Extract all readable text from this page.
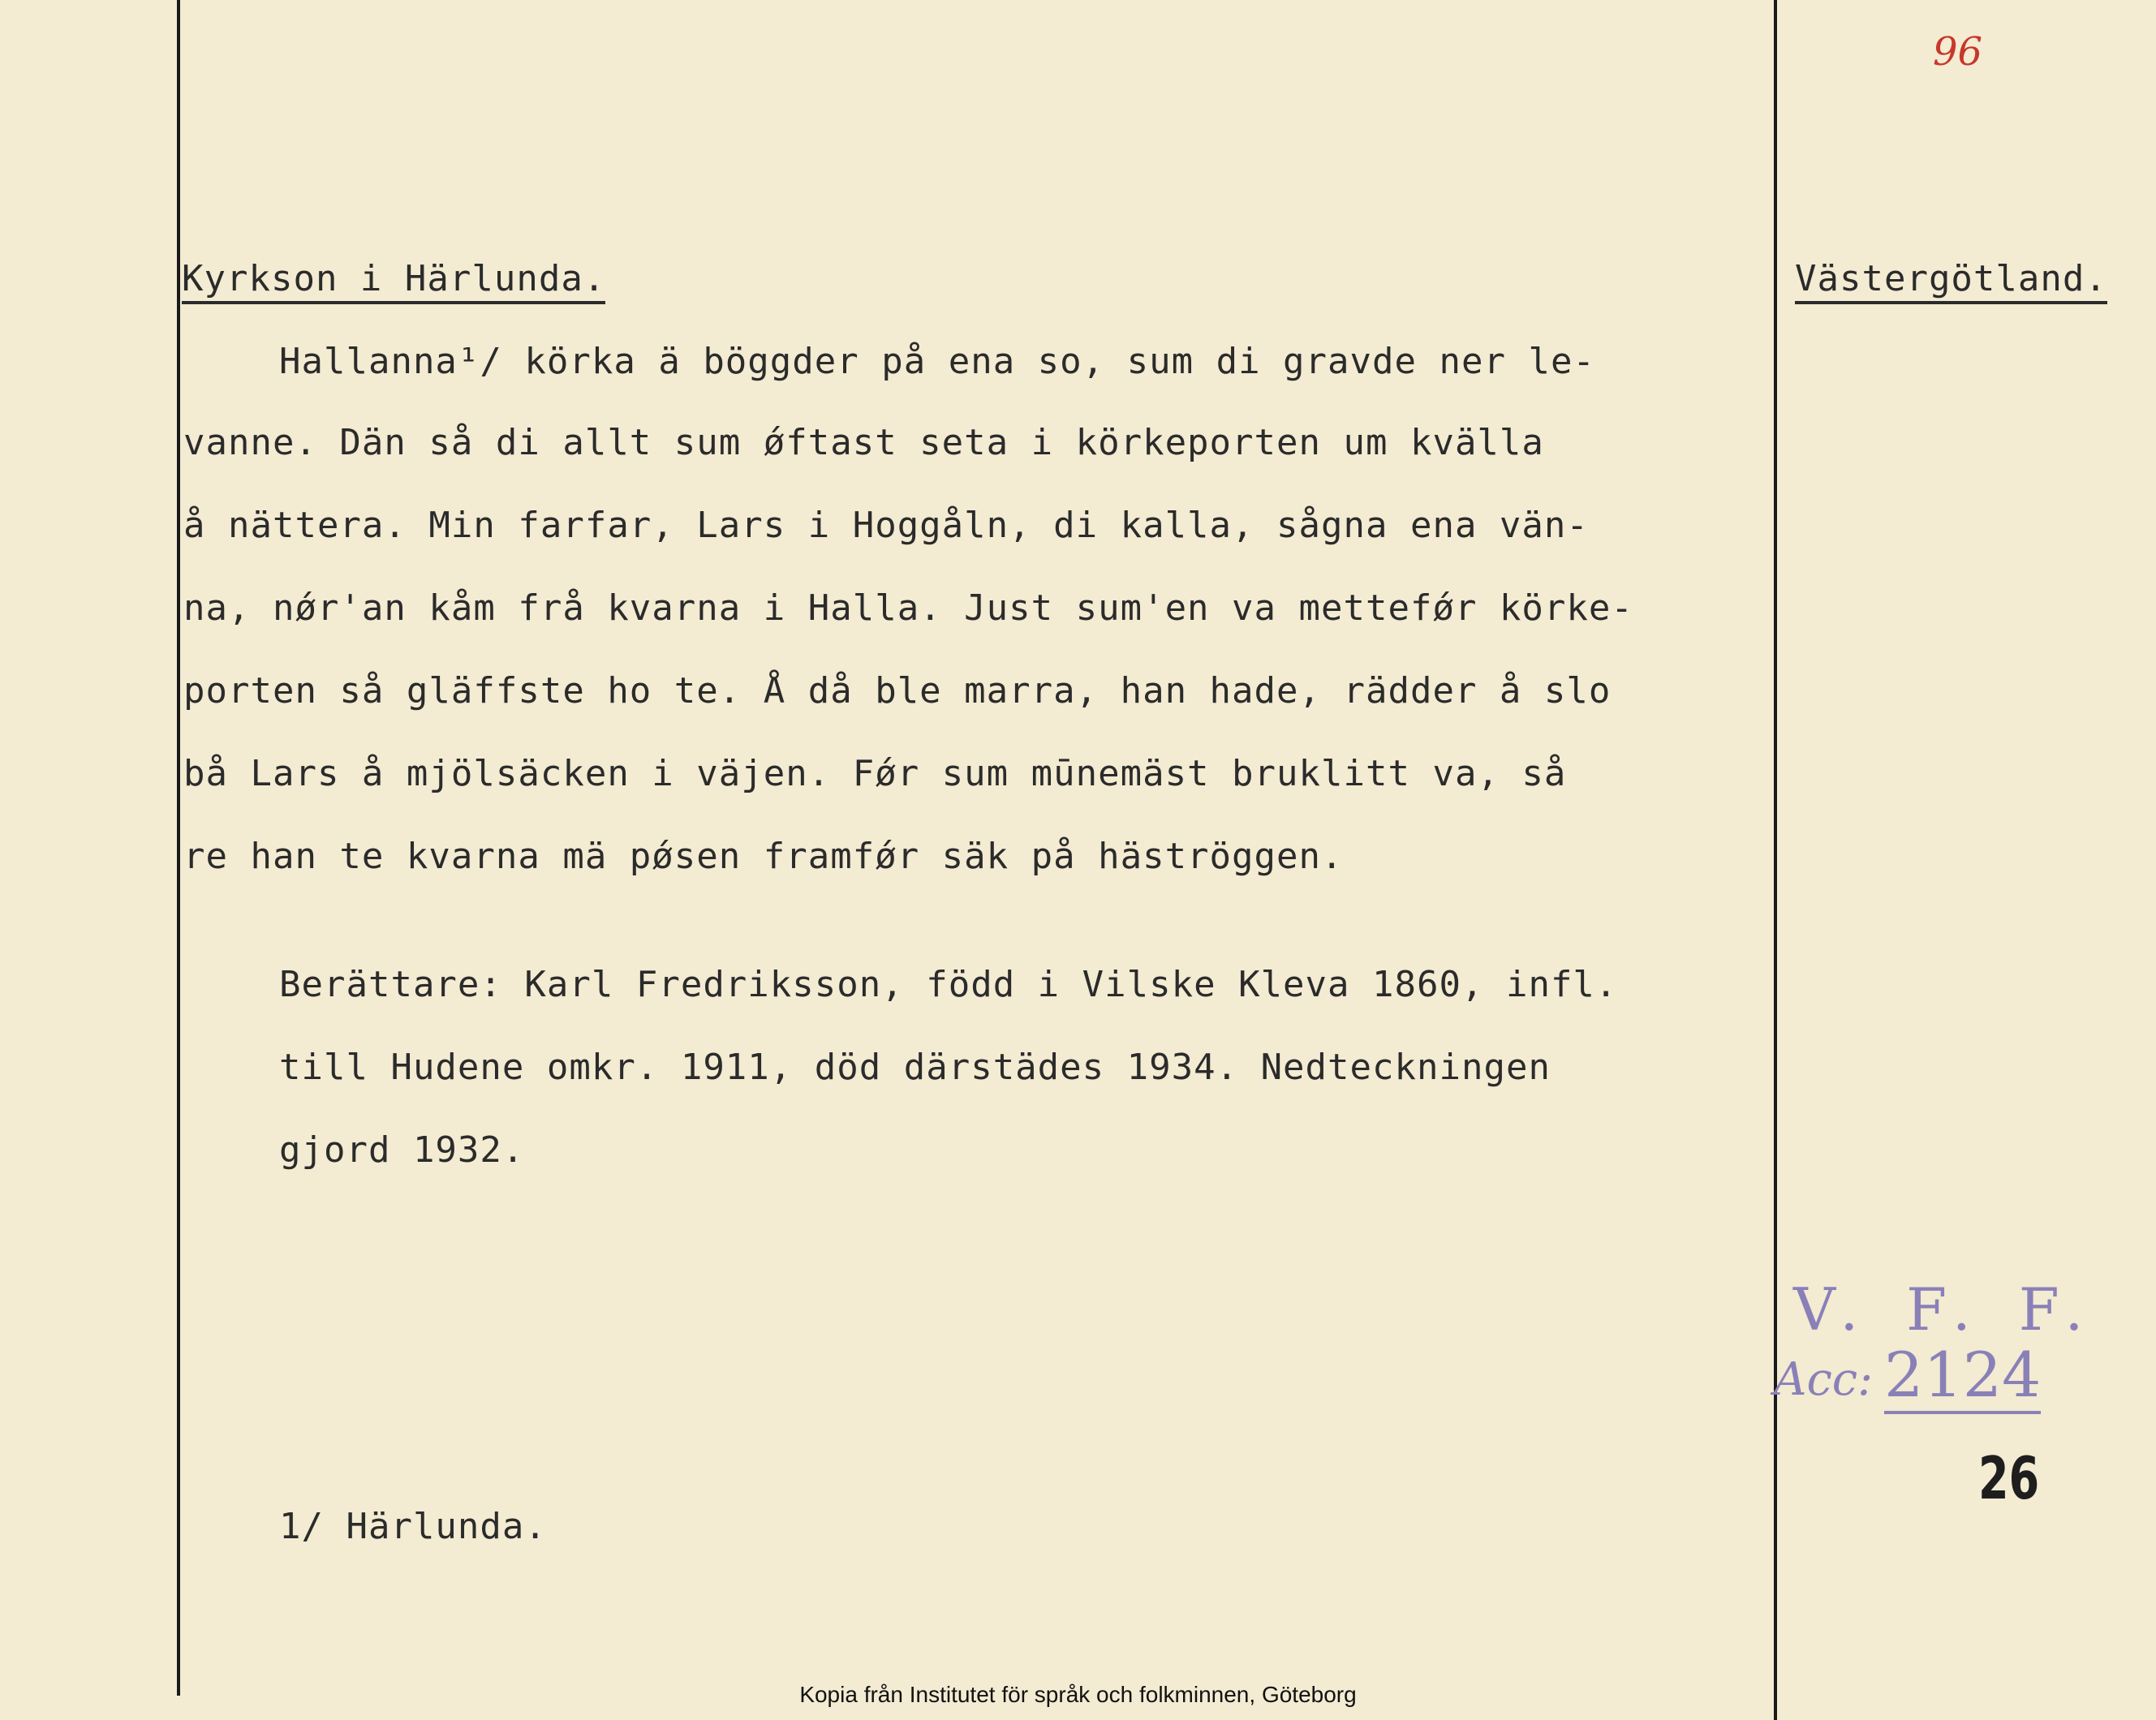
96
Kyrkson i Härlunda.	Västergötland.
Hallanna¹/ körka ä böggder på ena so, sum di gravde ner le-
vanne. Dän så di allt sum ǿftast seta i körkeporten um kvälla
å nättera. Min farfar, Lars i Hoggåln, di kalla, sågna ena vän-
na, nǿr'an kåm frå kvarna i Halla. Just sum'en va mettefǿr körke-
porten så gläffste ho te. Å då ble marra, han hade, rädder å slo
bå Lars å mjölsäcken i väjen. Fǿr sum mūnemäst bruklitt va, så
re han te kvarna mä pǿsen framfǿr säk på häströggen.
Berättare: Karl Fredriksson, född i Vilske Kleva 1860, infl.
till Hudene omkr. 1911, död därstädes 1934. Nedteckningen
gjord 1932.
1/ Härlunda.
V. F. F.
Acc: 2124
26
Kopia från Institutet för språk och folkminnen, Göteborg
